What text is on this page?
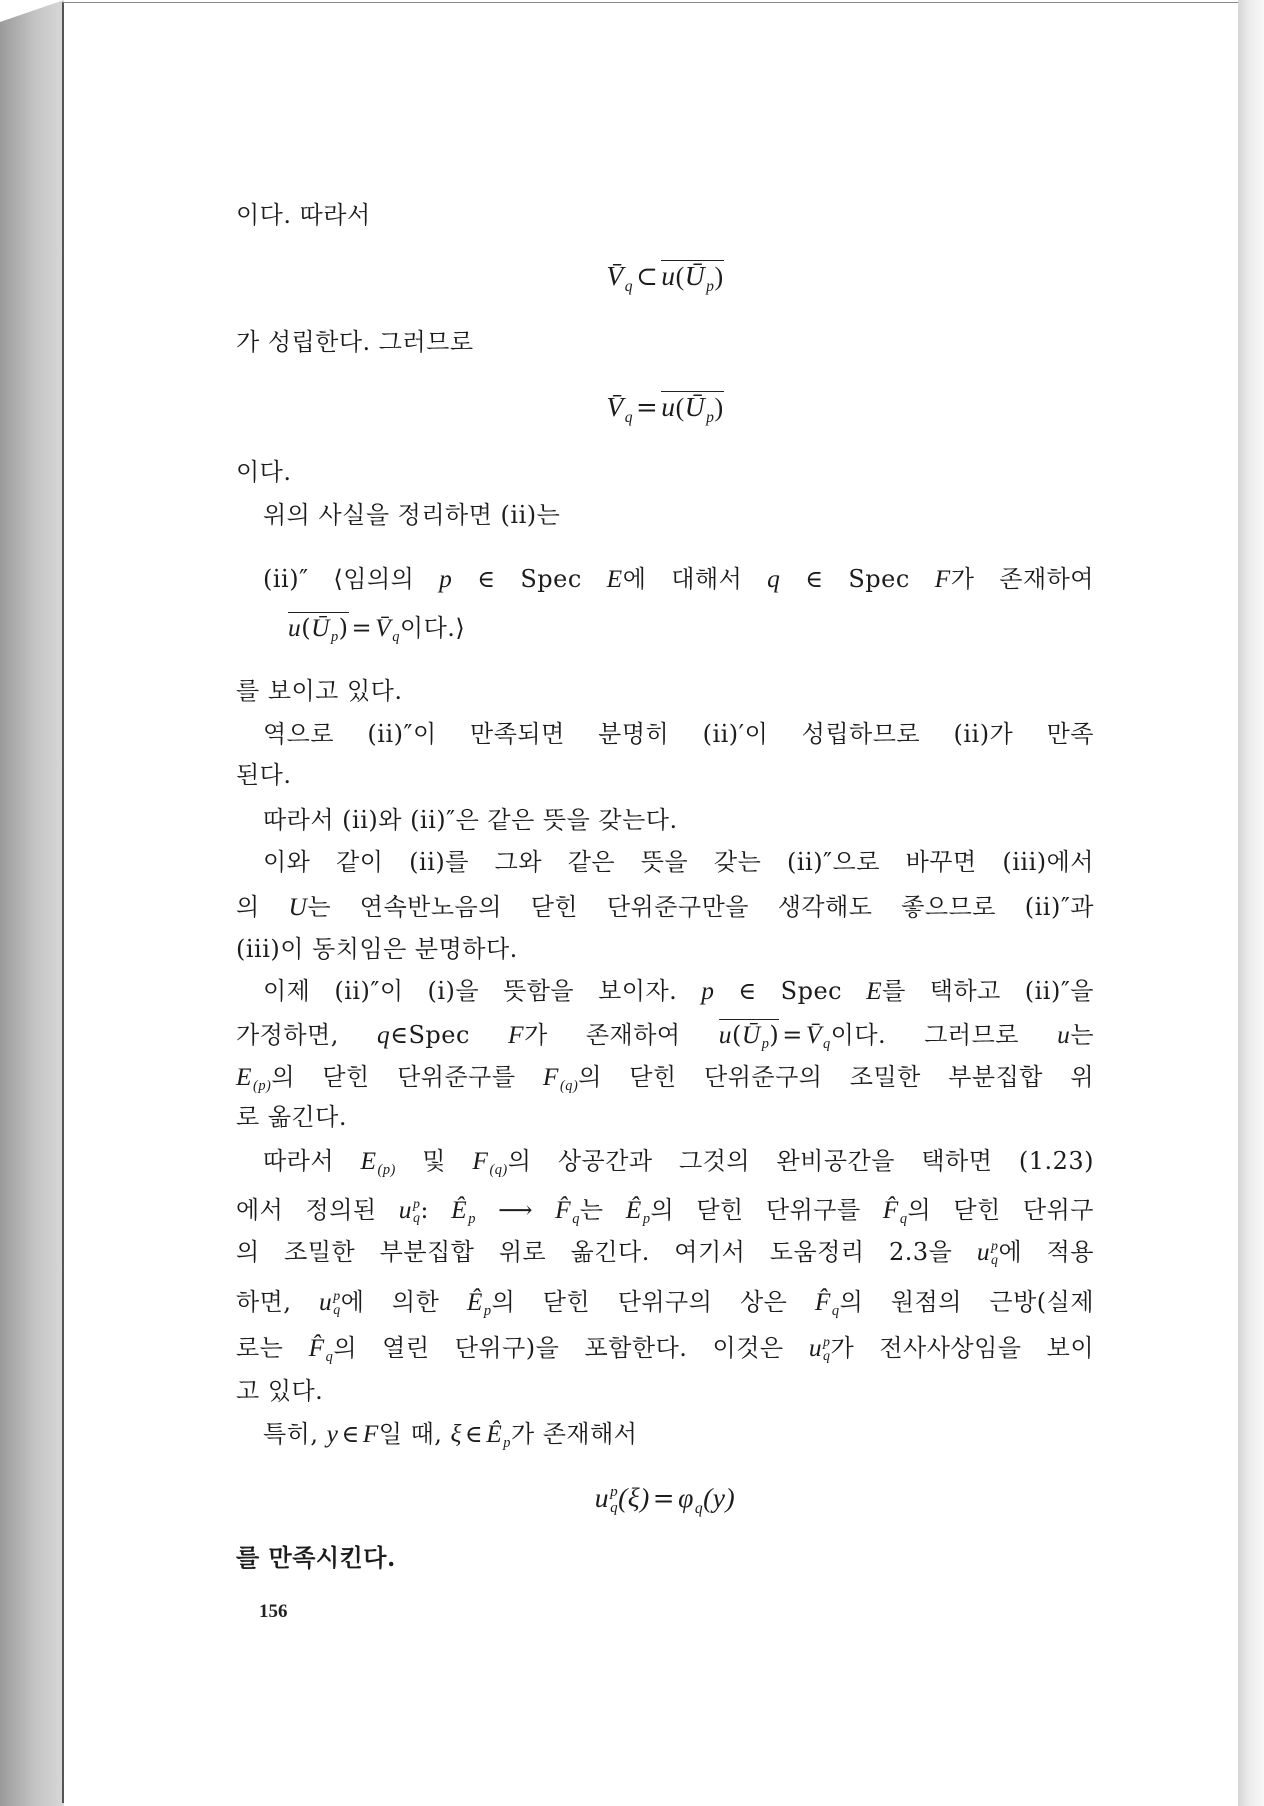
이다. 따라서
$V̄_q$ ⊂ $u(Ū_p)$
가 성립한다. 그러므로
$V̄_q$ = $u(Ū_p)$
이다.
위의 사실을 정리하면 (ii)는
(ii)″ ⟨임의의 p ∈ Spec E에 대해서 q ∈ Spec F가 존재하여
$u(Ū_p)$ = $V̄_q$이다.⟩
를 보이고 있다.
역으로 (ii)″이 만족되면 분명히 (ii)′이 성립하므로 (ii)가 만족
된다.
따라서 (ii)와 (ii)″은 같은 뜻을 갖는다.
이와 같이 (ii)를 그와 같은 뜻을 갖는 (ii)″으로 바꾸면 (iii)에서
의 U는 연속반노음의 닫힌 단위준구만을 생각해도 좋으므로 (ii)″과
(iii)이 동치임은 분명하다.
이제 (ii)″이 (i)을 뜻함을 보이자. p ∈ Spec E를 택하고 (ii)″을
가정하면, q∈Spec F가 존재하여 $u(Ū_p)$ = $V̄_q$이다. 그러므로 u는
$E_{(p)}$의 닫힌 단위준구를 $F_{(q)}$의 닫힌 단위준구의 조밀한 부분집합 위
로 옮긴다.
따라서 $E_{(p)}$ 및 $F_{(q)}$의 상공간과 그것의 완비공간을 택하면 (1.23)
에서 정의된 u p
q : $Ê_p$ ⟶ $F̂_q$는 $Ê_p$의 닫힌 단위구를 $F̂_q$의 닫힌 단위구
의 조밀한 부분집합 위로 옮긴다. 여기서 도움정리 2.3을 u p
q 에 적용
하면, u p
q 에 의한 $Ê_p$의 닫힌 단위구의 상은 $F̂_q$의 원점의 근방(실제
로는 $F̂_q$의 열린 단위구)을 포함한다. 이것은 u p
q 가 전사사상임을 보이
고 있다.
특히, y ∈ F일 때, ξ ∈ $Ê_p$가 존재해서
u p
q $(\xi) = \varphi_q(y)$
를 만족시킨다.
156
